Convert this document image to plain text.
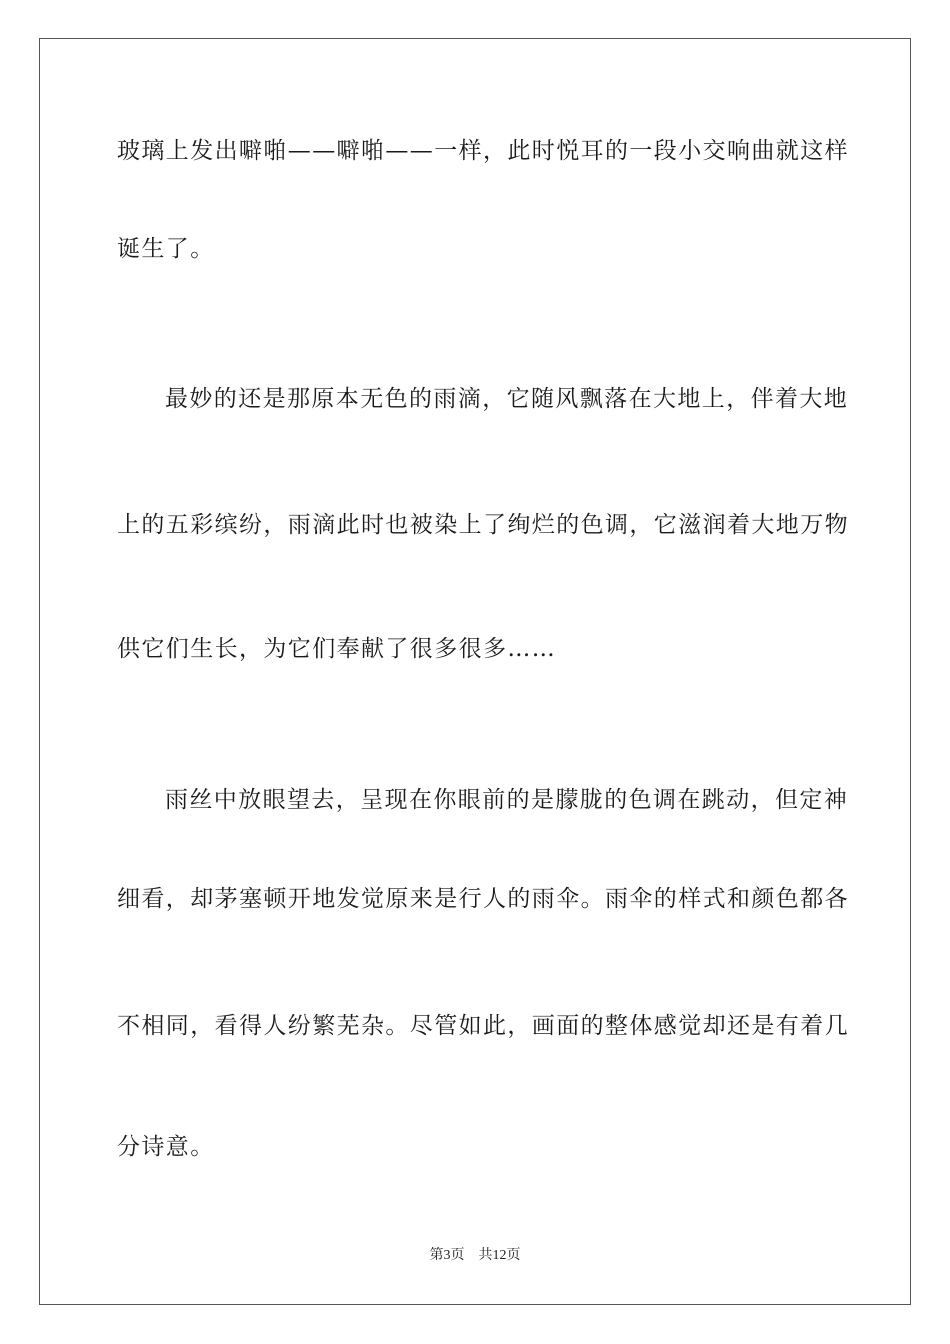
玻璃上发出噼啪——噼啪——一样，此时悦耳的一段小交响曲就这样
诞生了。
最妙的还是那原本无色的雨滴，它随风飘落在大地上，伴着大地
上的五彩缤纷，雨滴此时也被染上了绚烂的色调，它滋润着大地万物
供它们生长，为它们奉献了很多很多……
雨丝中放眼望去，呈现在你眼前的是朦胧的色调在跳动，但定神
细看，却茅塞顿开地发觉原来是行人的雨伞。雨伞的样式和颜色都各
不相同，看得人纷繁芜杂。尽管如此，画面的整体感觉却还是有着几
分诗意。
第3页 共12页
